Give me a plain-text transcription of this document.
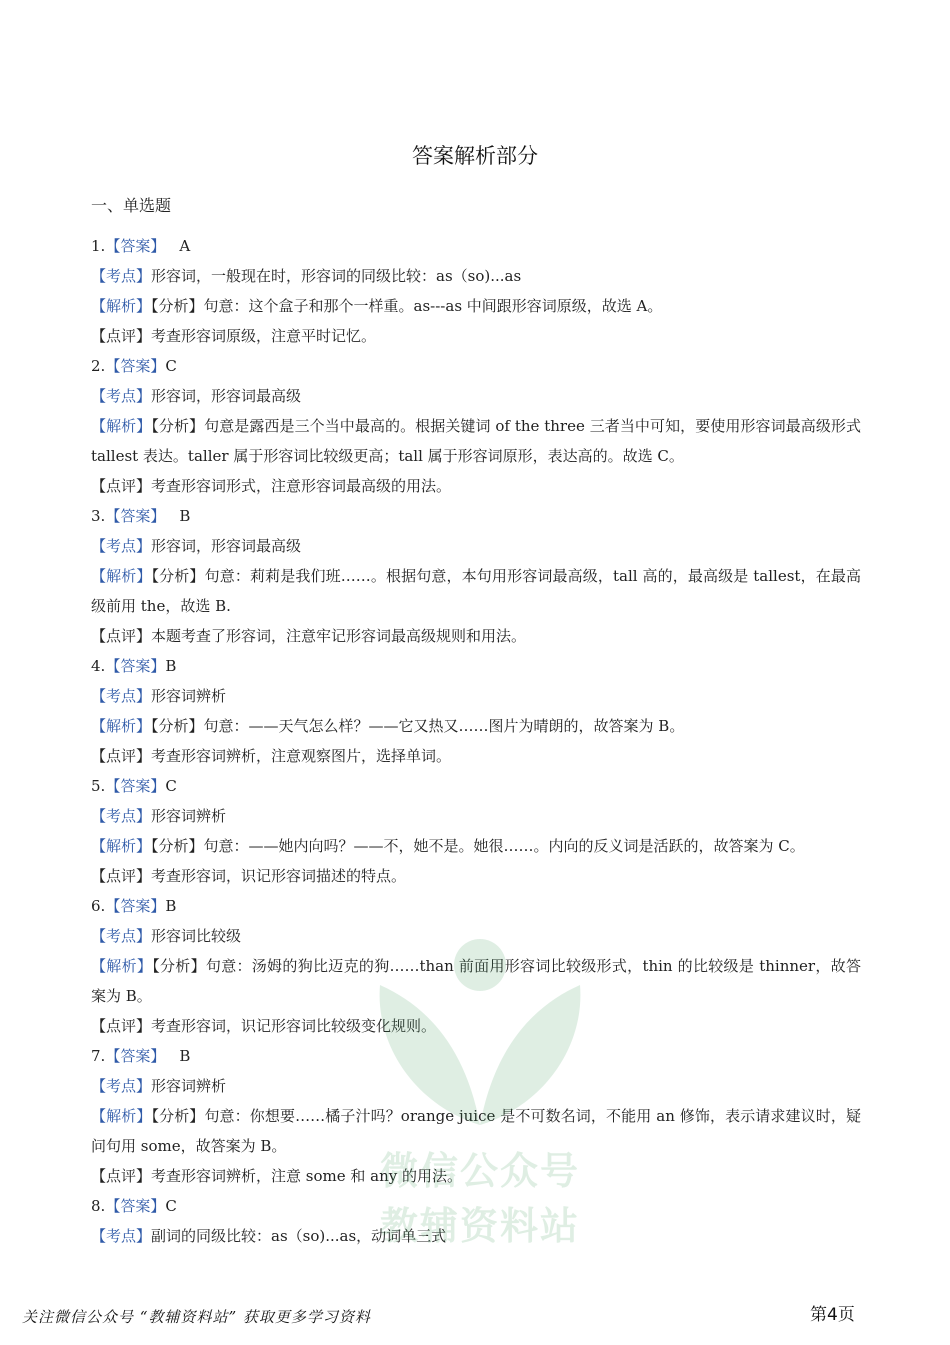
答案解析部分
一、单选题
1.【答案】 A
【考点】形容词，一般现在时，形容词的同级比较：as（so)...as
【解析】【分析】句意：这个盒子和那个一样重。as---as 中间跟形容词原级，故选 A。
【点评】考查形容词原级，注意平时记忆。
2.【答案】C
【考点】形容词，形容词最高级
【解析】【分析】句意是露西是三个当中最高的。根据关键词 of the three 三者当中可知，要使用形容词最高级形式 tallest 表达。taller 属于形容词比较级更高；tall 属于形容词原形，表达高的。故选 C。
【点评】考查形容词形式，注意形容词最高级的用法。
3.【答案】 B
【考点】形容词，形容词最高级
【解析】【分析】句意：莉莉是我们班……。根据句意，本句用形容词最高级，tall 高的，最高级是 tallest，在最高级前用 the，故选 B.
【点评】本题考查了形容词，注意牢记形容词最高级规则和用法。
4.【答案】B
【考点】形容词辨析
【解析】【分析】句意：——天气怎么样？——它又热又……图片为晴朗的，故答案为 B。
【点评】考查形容词辨析，注意观察图片，选择单词。
5.【答案】C
【考点】形容词辨析
【解析】【分析】句意：——她内向吗？——不，她不是。她很……。内向的反义词是活跃的，故答案为 C。
【点评】考查形容词，识记形容词描述的特点。
6.【答案】B
【考点】形容词比较级
【解析】【分析】句意：汤姆的狗比迈克的狗……than 前面用形容词比较级形式，thin 的比较级是 thinner，故答案为 B。
【点评】考查形容词，识记形容词比较级变化规则。
7.【答案】 B
【考点】形容词辨析
【解析】【分析】句意：你想要……橘子汁吗？orange juice 是不可数名词，不能用 an 修饰，表示请求建议时，疑问句用 some，故答案为 B。
【点评】考查形容词辨析，注意 some 和 any 的用法。
8.【答案】C
【考点】副词的同级比较：as（so)...as，动词单三式
微信公众号
教辅资料站
关注微信公众号 “教辅资料站” 获取更多学习资料	第4页
